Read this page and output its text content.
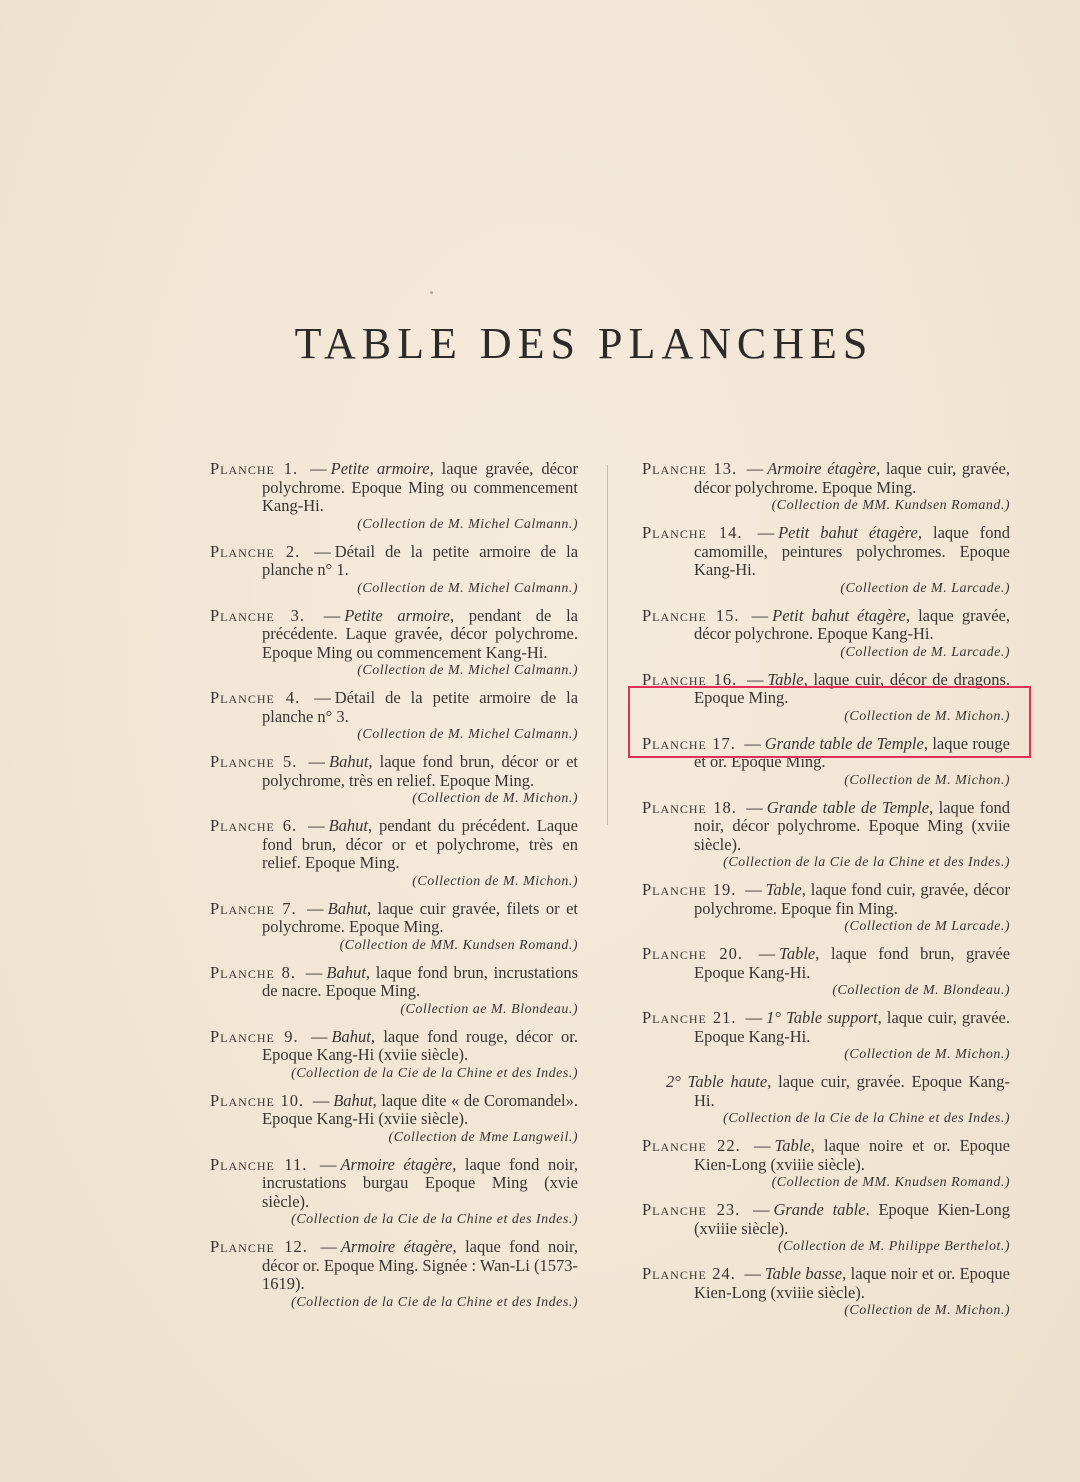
TABLE DES PLANCHES

Planche 1. — Petite armoire, laque gravée, décor polychrome. Epoque Ming ou commencement Kang-Hi.

(Collection de M. Michel Calmann.)

Planche 2. — Détail de la petite armoire de la planche n° 1.

(Collection de M. Michel Calmann.)

Planche 3. — Petite armoire, pendant de la précédente. Laque gravée, décor polychrome. Epoque Ming ou commencement Kang-Hi.

(Collection de M. Michel Calmann.)

Planche 4. — Détail de la petite armoire de la planche n° 3.

(Collection de M. Michel Calmann.)

Planche 5. — Bahut, laque fond brun, décor or et polychrome, très en relief. Epoque Ming.

(Collection de M. Michon.)

Planche 6. — Bahut, pendant du précédent. Laque fond brun, décor or et polychrome, très en relief. Epoque Ming.

(Collection de M. Michon.)

Planche 7. — Bahut, laque cuir gravée, filets or et polychrome. Epoque Ming.

(Collection de MM. Kundsen Romand.)

Planche 8. — Bahut, laque fond brun, incrustations de nacre. Epoque Ming.

(Collection ae M. Blondeau.)

Planche 9. — Bahut, laque fond rouge, décor or. Epoque Kang-Hi (xviie siècle).

(Collection de la Cie de la Chine et des Indes.)

Planche 10. — Bahut, laque dite « de Coromandel». Epoque Kang-Hi (xviie siècle).

(Collection de Mme Langweil.)

Planche 11. — Armoire étagère, laque fond noir, incrustations burgau Epoque Ming (xvie siècle).

(Collection de la Cie de la Chine et des Indes.)

Planche 12. — Armoire étagère, laque fond noir, décor or. Epoque Ming. Signée : Wan-Li (1573-1619).

(Collection de la Cie de la Chine et des Indes.)

Planche 13. — Armoire étagère, laque cuir, gravée, décor polychrome. Epoque Ming.

(Collection de MM. Kundsen Romand.)

Planche 14. — Petit bahut étagère, laque fond camomille, peintures polychromes. Epoque Kang-Hi.

(Collection de M. Larcade.)

Planche 15. — Petit bahut étagère, laque gravée, décor polychrone. Epoque Kang-Hi.

(Collection de M. Larcade.)

Planche 16. — Table, laque cuir, décor de dragons. Epoque Ming.

(Collection de M. Michon.)

Planche 17. — Grande table de Temple, laque rouge et or. Epoque Ming.

(Collection de M. Michon.)

Planche 18. — Grande table de Temple, laque fond noir, décor polychrome. Epoque Ming (xviie siècle).

(Collection de la Cie de la Chine et des Indes.)

Planche 19. — Table, laque fond cuir, gravée, décor polychrome. Epoque fin Ming.

(Collection de M Larcade.)

Planche 20. — Table, laque fond brun, gravée Epoque Kang-Hi.

(Collection de M. Blondeau.)

Planche 21. — 1° Table support, laque cuir, gravée. Epoque Kang-Hi.

(Collection de M. Michon.)

2° Table haute, laque cuir, gravée. Epoque Kang-Hi.

(Collection de la Cie de la Chine et des Indes.)

Planche 22. — Table, laque noire et or. Epoque Kien-Long (xviiie siècle).

(Collection de MM. Knudsen Romand.)

Planche 23. — Grande table. Epoque Kien-Long (xviiie siècle).

(Collection de M. Philippe Berthelot.)

Planche 24. — Table basse, laque noir et or. Epoque Kien-Long (xviiie siècle).

(Collection de M. Michon.)
